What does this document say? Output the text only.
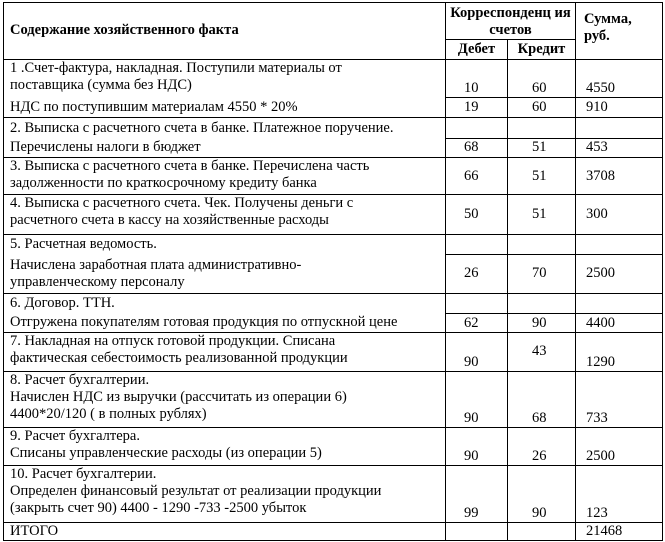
Содержание хозяйственного факта	Корреспонденц ия счетов		Сумма, руб.
	Дебет	Кредит	

1 .Счет-фактура, накладная. Поступили материалы от
поставщика (сумма без НДС)	10	60	4550

НДС по поступившим материалам 4550 * 20%	19	60	910

2. Выписка с расчетного счета в банке. Платежное поручение.			

Перечислены налоги в бюджет	68	51	453

3. Выписка с расчетного счета в банке. Перечислена часть
задолженности по краткосрочному кредиту банка	66	51	3708

4. Выписка с расчетного счета. Чек. Получены деньги с
расчетного счета в кассу на хозяйственные расходы	50	51	300

5. Расчетная ведомость.			

Начислена заработная плата административно-
управленческому персоналу	26	70	2500

6. Договор. ТТН.			

Отгружена покупателям готовая продукция по отпускной цене	62	90	4400

7. Накладная на отпуск готовой продукции. Списана
фактическая себестоимость реализованной продукции	90	43	1290

8. Расчет бухгалтерии.
Начислен НДС из выручки (рассчитать из операции 6)
4400*20/120 ( в полных рублях)	90	68	733

9. Расчет бухгалтера.
Списаны управленческие расходы (из операции 5)	90	26	2500

10. Расчет бухгалтерии.
Определен финансовый результат от реализации продукции
(закрыть счет 90) 4400 - 1290 -733 -2500 убыток	99	90	123
ИТОГО			21468
